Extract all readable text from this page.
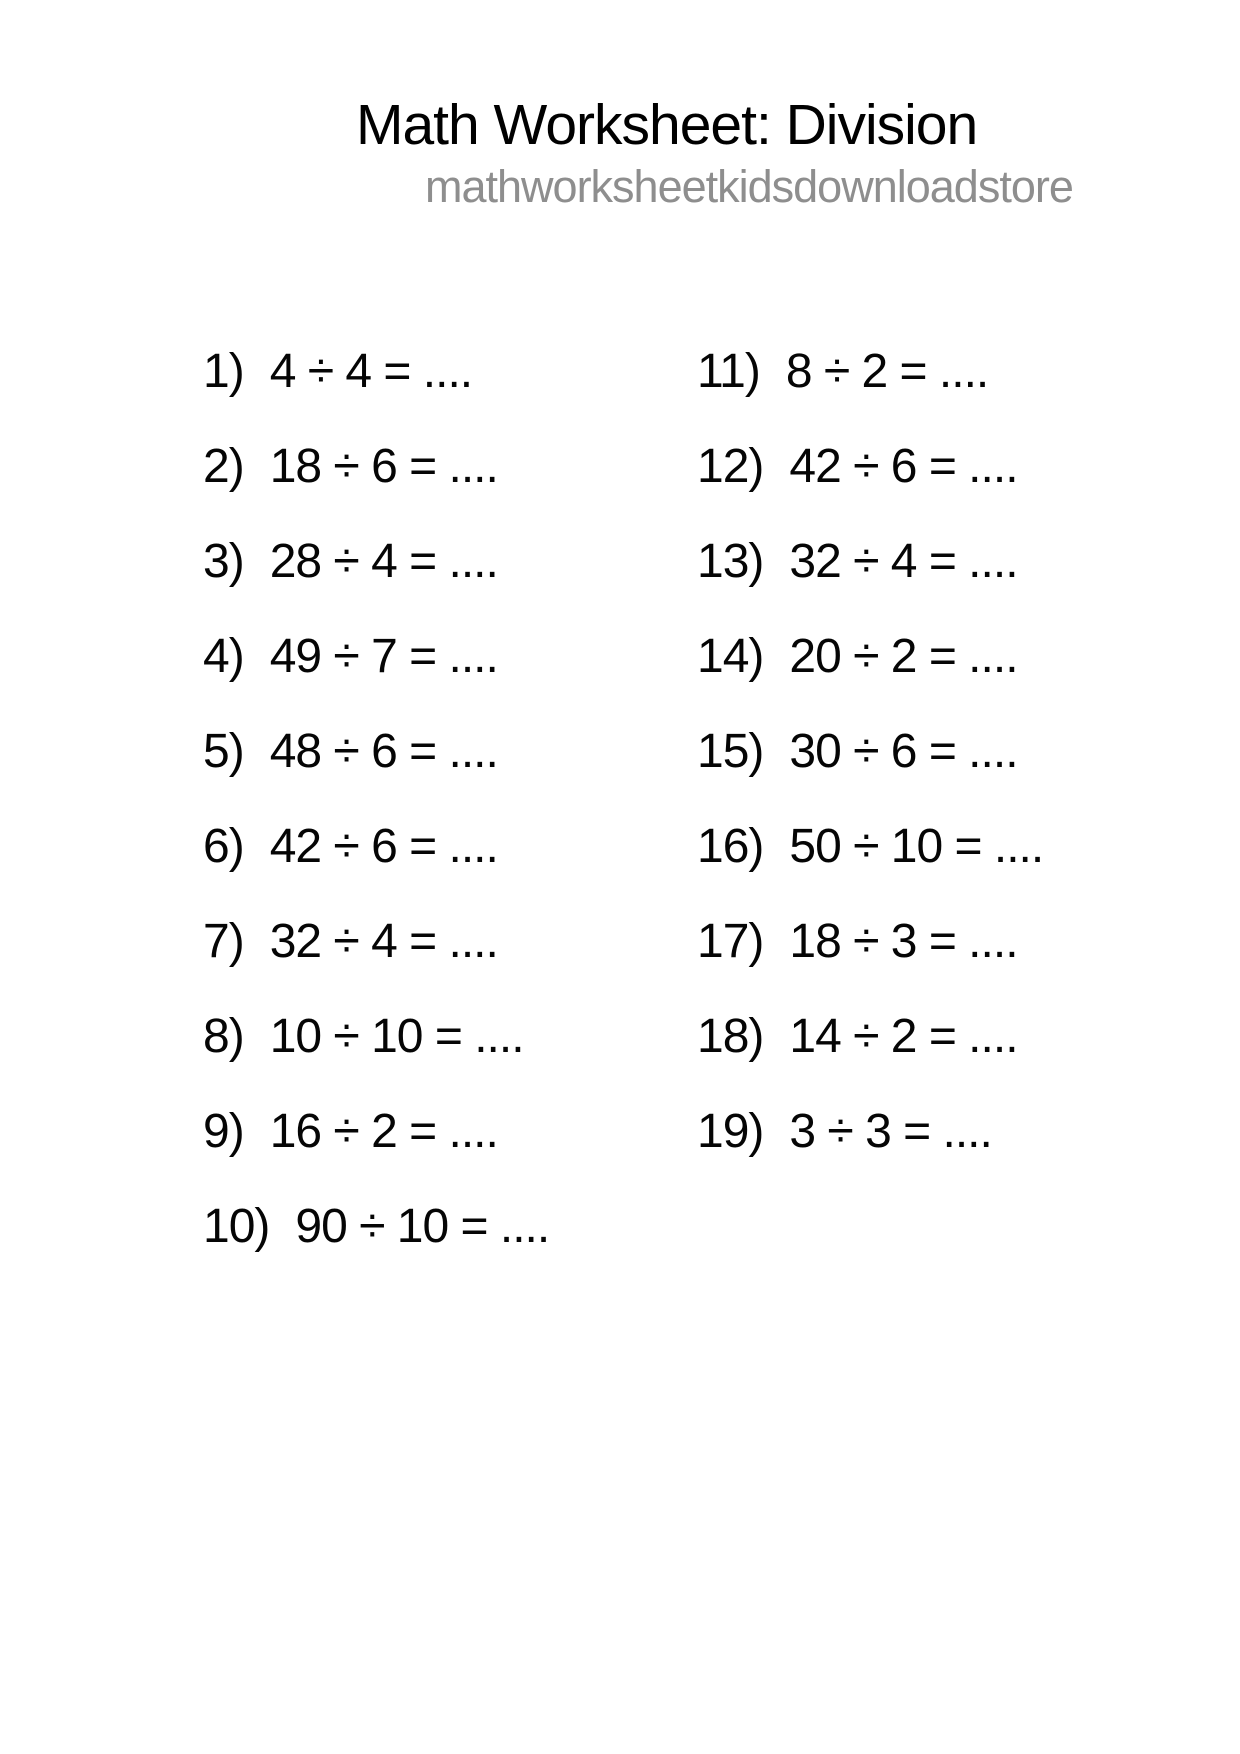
Math Worksheet: Division
mathworksheetkidsdownloadstore
1) 4 ÷ 4 = ....
2) 18 ÷ 6 = ....
3) 28 ÷ 4 = ....
4) 49 ÷ 7 = ....
5) 48 ÷ 6 = ....
6) 42 ÷ 6 = ....
7) 32 ÷ 4 = ....
8) 10 ÷ 10 = ....
9) 16 ÷ 2 = ....
10) 90 ÷ 10 = ....
11) 8 ÷ 2 = ....
12) 42 ÷ 6 = ....
13) 32 ÷ 4 = ....
14) 20 ÷ 2 = ....
15) 30 ÷ 6 = ....
16) 50 ÷ 10 = ....
17) 18 ÷ 3 = ....
18) 14 ÷ 2 = ....
19) 3 ÷ 3 = ....
